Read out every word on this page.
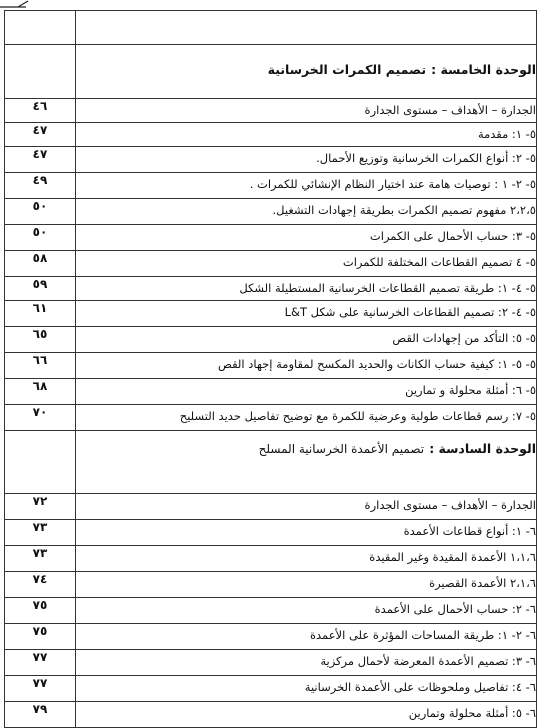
الوحدة الخامسة : تصميم الكمرات الخرسانية	
الجدارة – الأهداف – مستوى الجدارة	٤٦
٥- ١: مقدمة	٤٧
٥- ٢: أنواع الكمرات الخرسانية وتوزيع الأحمال.	٤٧
٥- ٢- ١ : توصيات هامة عند اختيار النظام الإنشائي للكمرات .	٤٩
٢،٢،٥ مفهوم تصميم الكمرات بطريقة إجهادات التشغيل.	٥٠
٥- ٣: حساب الأحمال على الكمرات	٥٠
٥- ٤ تصميم القطاعات المختلفة للكمرات	٥٨
٥- ٤- ١: طريقة تصميم القطاعات الخرسانية المستطيلة الشكل	٥٩
٥- ٤- ٢: تصميم القطاعات الخرسانية على شكل L&T	٦١
٥- ٥: التأكد من إجهادات القص	٦٥
٥- ٥- ١: كيفية حساب الكانات والحديد المكسح لمقاومة إجهاد القص	٦٦
٥- ٦: أمثلة محلولة و تمارين	٦٨
٥- ٧: رسم قطاعات طولية وعرضية للكمرة مع توضيح تفاصيل حديد التسليح	٧٠
الوحدة السادسة : تصميم الأعمدة الخرسانية المسلح	
الجدارة – الأهداف – مستوى الجدارة	٧٢
٦- ١: أنواع قطاعات الأعمدة	٧٣
١،١،٦ الأعمدة المقيدة وغير المقيدة	٧٣
٢،١،٦ الأعمدة القصيرة	٧٤
٦- ٢: حساب الأحمال على الأعمدة	٧٥
٦- ٢- ١: طريقة المساحات المؤثرة على الأعمدة	٧٥
٦- ٣: تصميم الأعمدة المعرضة لأحمال مركزية	٧٧
٦- ٤: تفاصيل وملحوظات على الأعمدة الخرسانية	٧٧
٦- ٥: أمثلة محلولة وتمارين	٧٩
